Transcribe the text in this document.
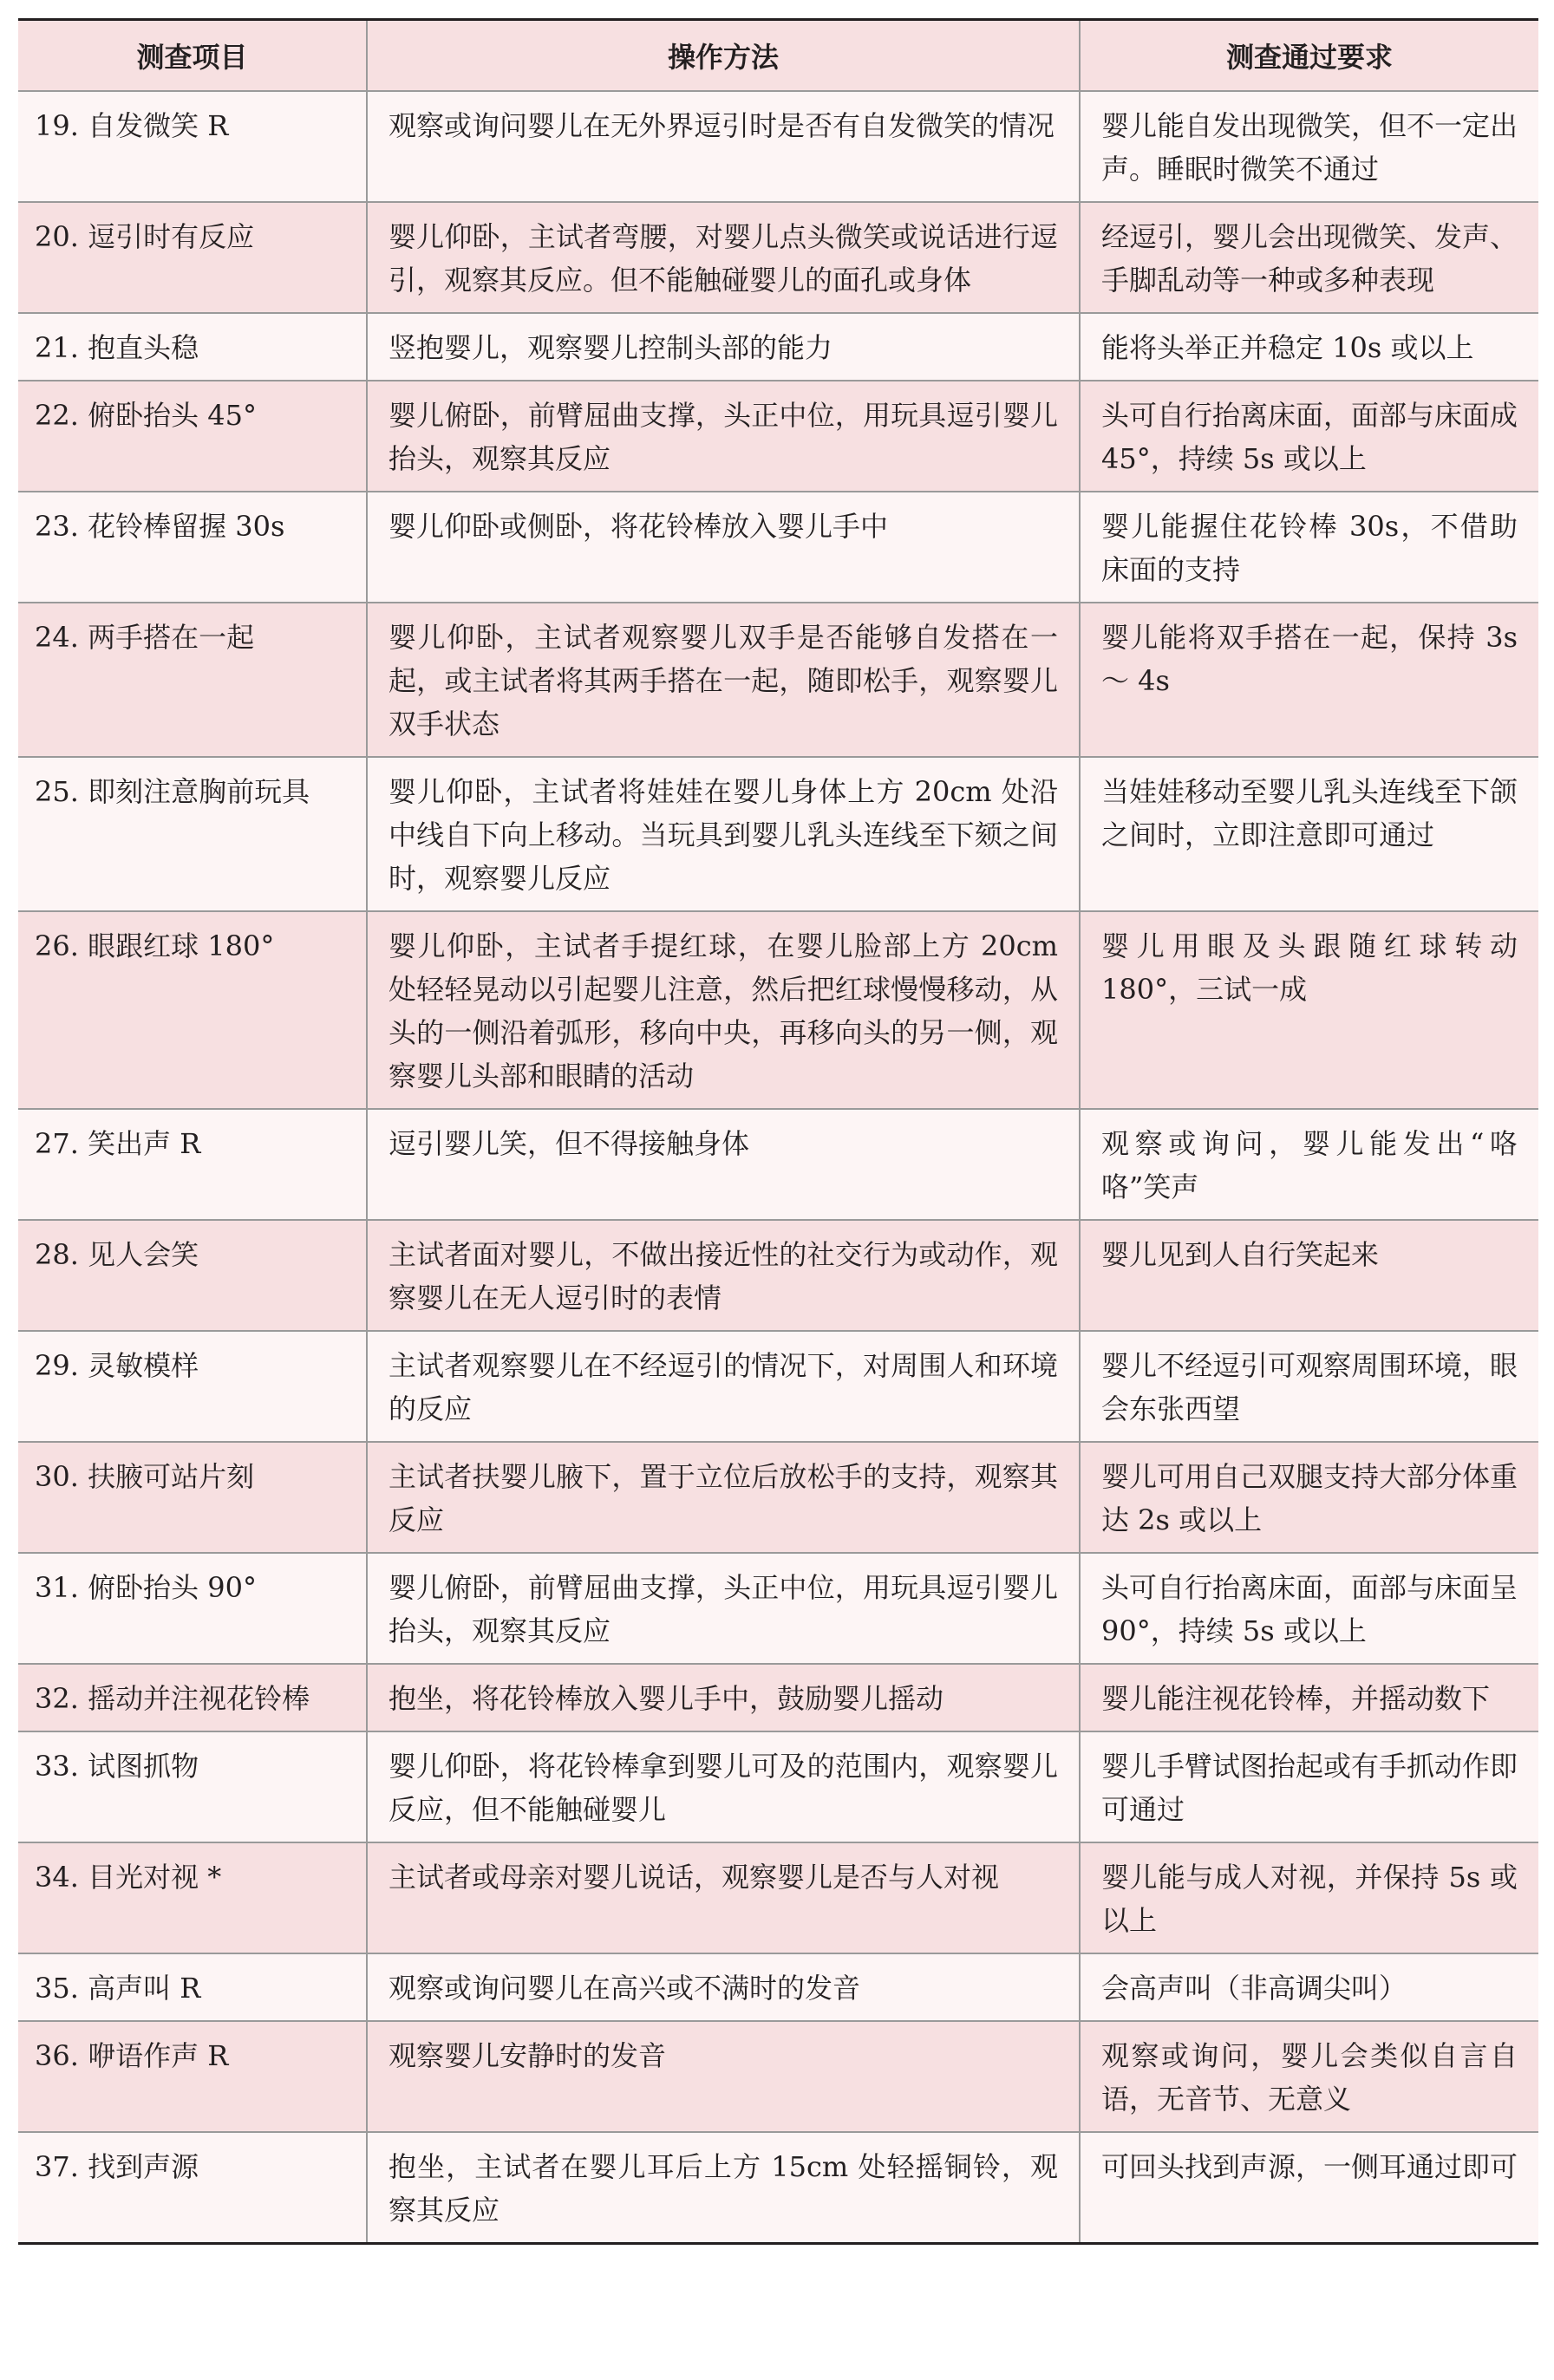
测查项目	操作方法	测查通过要求
19. 自发微笑 R	观察或询问婴儿在无外界逗引时是否有自发微笑的情况	婴儿能自发出现微笑，但不一定出声。睡眠时微笑不通过
20. 逗引时有反应	婴儿仰卧，主试者弯腰，对婴儿点头微笑或说话进行逗引，观察其反应。但不能触碰婴儿的面孔或身体	经逗引，婴儿会出现微笑、发声、手脚乱动等一种或多种表现
21. 抱直头稳	竖抱婴儿，观察婴儿控制头部的能力	能将头举正并稳定 10s 或以上
22. 俯卧抬头 45°	婴儿俯卧，前臂屈曲支撑，头正中位，用玩具逗引婴儿抬头，观察其反应	头可自行抬离床面，面部与床面成 45°，持续 5s 或以上
23. 花铃棒留握 30s	婴儿仰卧或侧卧，将花铃棒放入婴儿手中	婴儿能握住花铃棒 30s，不借助床面的支持
24. 两手搭在一起	婴儿仰卧，主试者观察婴儿双手是否能够自发搭在一起，或主试者将其两手搭在一起，随即松手，观察婴儿双手状态	婴儿能将双手搭在一起，保持 3s ～ 4s
25. 即刻注意胸前玩具	婴儿仰卧，主试者将娃娃在婴儿身体上方 20cm 处沿中线自下向上移动。当玩具到婴儿乳头连线至下颏之间时，观察婴儿反应	当娃娃移动至婴儿乳头连线至下颌之间时，立即注意即可通过
26. 眼跟红球 180°	婴儿仰卧，主试者手提红球，在婴儿脸部上方 20cm 处轻轻晃动以引起婴儿注意，然后把红球慢慢移动，从头的一侧沿着弧形，移向中央，再移向头的另一侧，观察婴儿头部和眼睛的活动	婴儿用眼及头跟随红球转动 180°，三试一成
27. 笑出声 R	逗引婴儿笑，但不得接触身体	观察或询问，婴儿能发出“咯咯”笑声
28. 见人会笑	主试者面对婴儿，不做出接近性的社交行为或动作，观察婴儿在无人逗引时的表情	婴儿见到人自行笑起来
29. 灵敏模样	主试者观察婴儿在不经逗引的情况下，对周围人和环境的反应	婴儿不经逗引可观察周围环境，眼会东张西望
30. 扶腋可站片刻	主试者扶婴儿腋下，置于立位后放松手的支持，观察其反应	婴儿可用自己双腿支持大部分体重达 2s 或以上
31. 俯卧抬头 90°	婴儿俯卧，前臂屈曲支撑，头正中位，用玩具逗引婴儿抬头，观察其反应	头可自行抬离床面，面部与床面呈 90°，持续 5s 或以上
32. 摇动并注视花铃棒	抱坐，将花铃棒放入婴儿手中，鼓励婴儿摇动	婴儿能注视花铃棒，并摇动数下
33. 试图抓物	婴儿仰卧，将花铃棒拿到婴儿可及的范围内，观察婴儿反应，但不能触碰婴儿	婴儿手臂试图抬起或有手抓动作即可通过
34. 目光对视 *	主试者或母亲对婴儿说话，观察婴儿是否与人对视	婴儿能与成人对视，并保持 5s 或以上
35. 高声叫 R	观察或询问婴儿在高兴或不满时的发音	会高声叫（非高调尖叫）
36. 咿语作声 R	观察婴儿安静时的发音	观察或询问，婴儿会类似自言自语，无音节、无意义
37. 找到声源	抱坐，主试者在婴儿耳后上方 15cm 处轻摇铜铃，观察其反应	可回头找到声源，一侧耳通过即可
